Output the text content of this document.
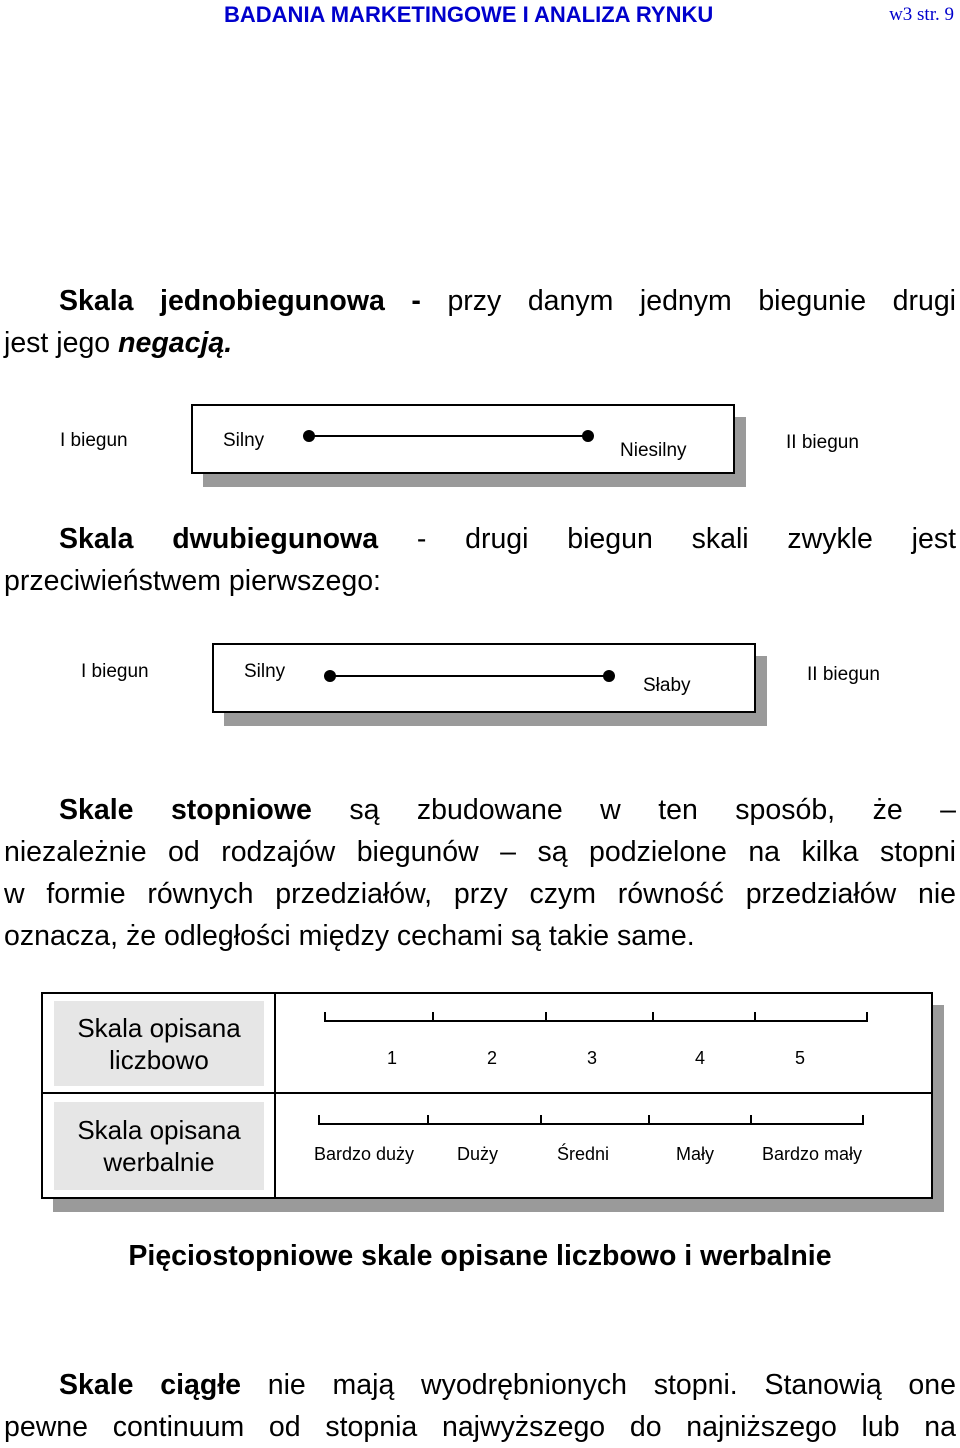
BADANIA MARKETINGOWE I ANALIZA RYNKU	w3 str. 9
Skala jednobiegunowa - przy danym jednym biegunie drugi
jest jego negacją.
I biegun	Silny	Niesilny	II biegun
Skala dwubiegunowa - drugi biegun skali zwykle jest
przeciwieństwem pierwszego:
I biegun	Silny
Słaby
II biegun
Skale stopniowe są zbudowane w ten sposób, że –
niezależnie od rodzajów biegunów – są podzielone na kilka stopni
w formie równych przedziałów, przy czym równość przedziałów nie
oznacza, że odległości między cechami są takie same.
Skala opisana
liczbowo	1	2	3	4	5
Skala opisana
werbalnie	Bardzo duży Duży	Średni	Mały	Bardzo mały
Pięciostopniowe skale opisane liczbowo i werbalnie
Skale ciągłe nie mają wyodrębnionych stopni. Stanowią one
pewne continuum od stopnia najwyższego do najniższego lub na
